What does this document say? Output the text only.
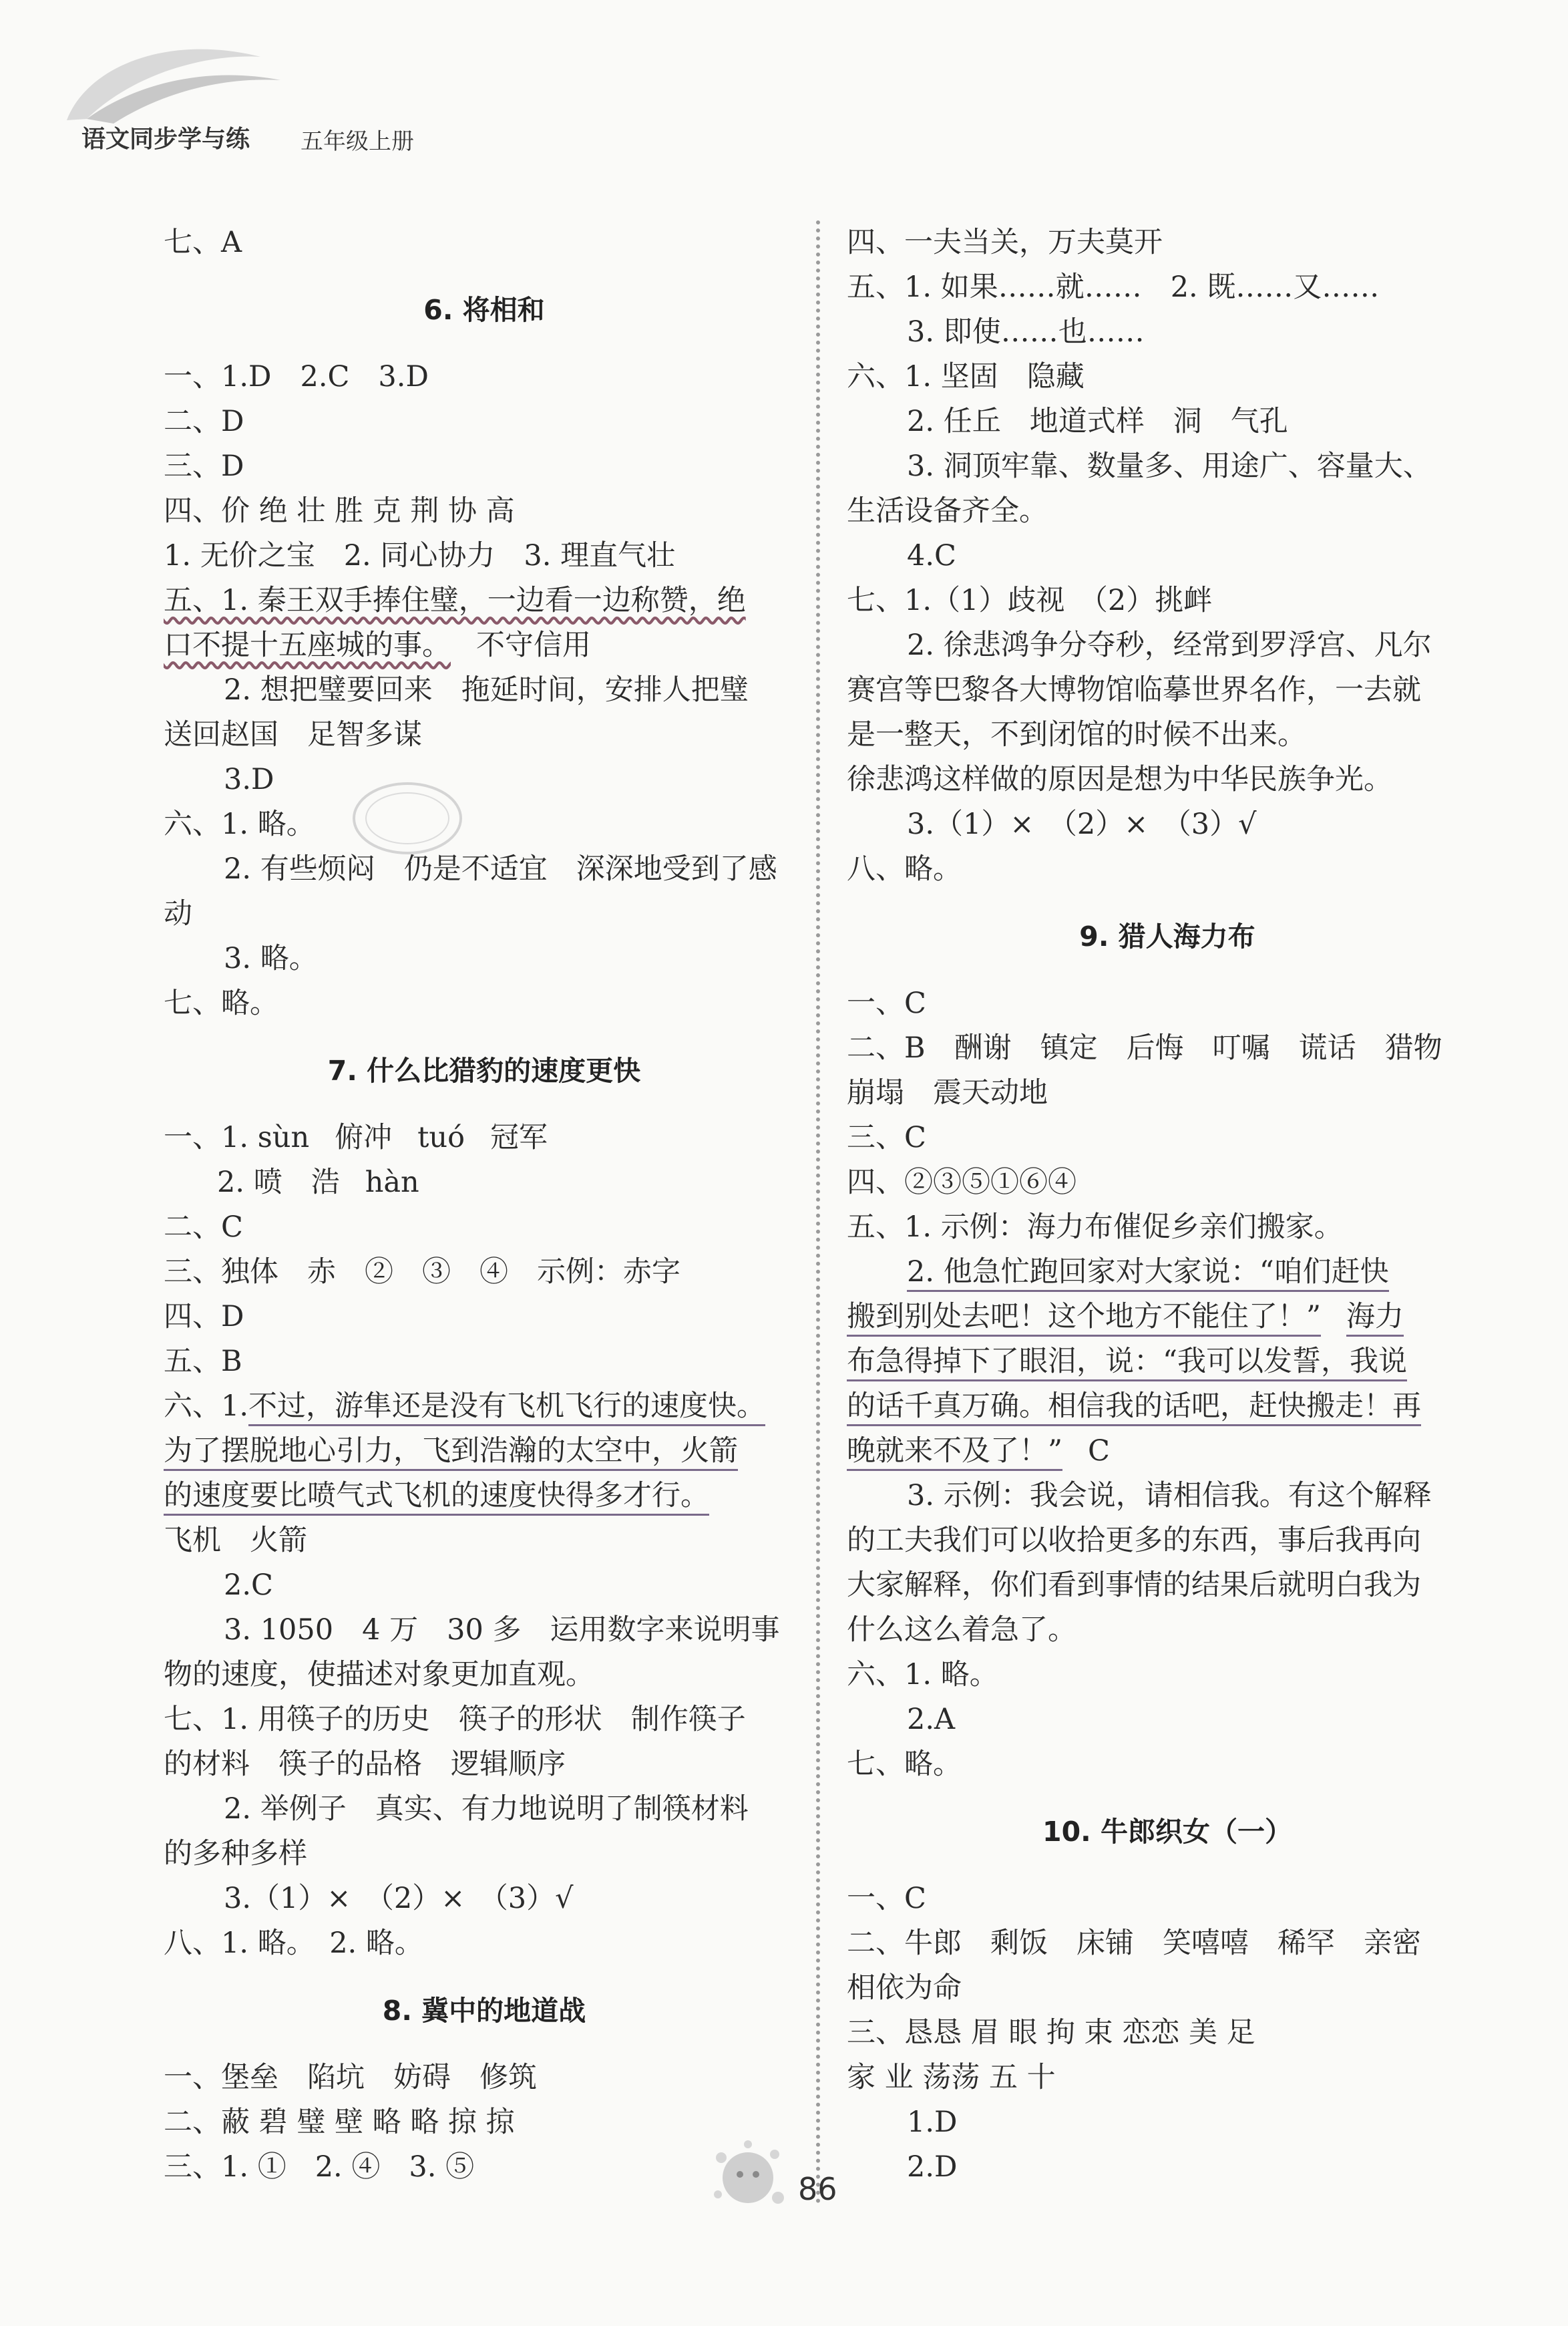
语文同步学与练 五年级上册
七、A
6. 将相和
一、1.D　2.C　3.D
二、D
三、D
四、价 绝 壮 胜 克 荆 协 高
1. 无价之宝　2. 同心协力　3. 理直气壮
五、1. 秦王双手捧住璧，一边看一边称赞，绝
口不提十五座城的事。 不守信用
2. 想把璧要回来　拖延时间，安排人把璧
送回赵国　足智多谋
3.D
六、1. 略。
2. 有些烦闷　仍是不适宜　深深地受到了感
动
3. 略。
七、略。
7. 什么比猎豹的速度更快
一、1. sùn 俯冲 tuó 冠军
2. 喷　浩 hàn
二、C
三、独体　赤　②　③　④　示例：赤字
四、D
五、B
六、1.不过，游隼还是没有飞机飞行的速度快。
为了摆脱地心引力，飞到浩瀚的太空中，火箭
的速度要比喷气式飞机的速度快得多才行。
飞机　火箭
2.C
3. 1050　4 万　30 多　运用数字来说明事
物的速度，使描述对象更加直观。
七、1. 用筷子的历史　筷子的形状　制作筷子
的材料　筷子的品格　逻辑顺序
2. 举例子　真实、有力地说明了制筷材料
的多种多样
3.（1）×　（2）×　（3）√
八、1. 略。　2. 略。
8. 冀中的地道战
一、堡垒　陷坑　妨碍　修筑
二、蔽 碧 璧 壁 略 略 掠 掠
三、1. ①　2. ④　3. ⑤
四、一夫当关，万夫莫开
五、1. 如果……就……　2. 既……又……
3. 即使……也……
六、1. 坚固　隐藏
2. 任丘　地道式样　洞　气孔
3. 洞顶牢靠、数量多、用途广、容量大、
生活设备齐全。
4.C
七、1.（1）歧视　（2）挑衅
2. 徐悲鸿争分夺秒，经常到罗浮宫、凡尔
赛宫等巴黎各大博物馆临摹世界名作，一去就
是一整天，不到闭馆的时候不出来。
徐悲鸿这样做的原因是想为中华民族争光。
3.（1）×　（2）×　（3）√
八、略。
9. 猎人海力布
一、C
二、B　酬谢　镇定　后悔　叮嘱　谎话　猎物
崩塌　震天动地
三、C
四、②③⑤①⑥④
五、1. 示例：海力布催促乡亲们搬家。
2. 他急忙跑回家对大家说：“咱们赶快
搬到别处去吧！这个地方不能住了！” 海力
布急得掉下了眼泪，说：“我可以发誓，我说
的话千真万确。相信我的话吧，赶快搬走！再
晚就来不及了！” C
3. 示例：我会说，请相信我。有这个解释
的工夫我们可以收拾更多的东西，事后我再向
大家解释，你们看到事情的结果后就明白我为
什么这么着急了。
六、1. 略。
2.A
七、略。
10. 牛郎织女（一）
一、C
二、牛郎　剩饭　床铺　笑嘻嘻　稀罕　亲密
相依为命
三、恳恳 眉 眼 拘 束 恋恋 美 足
家 业 荡荡 五 十
1.D
2.D
86
